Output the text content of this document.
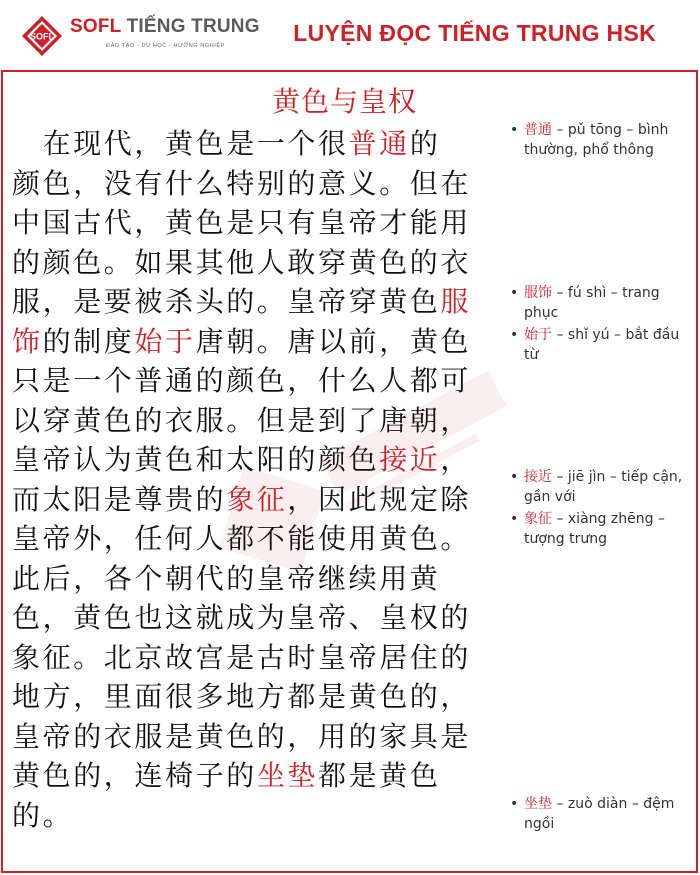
SOFL SOFL TIẾNG TRUNG
ĐÀO TẠO - DU HỌC - HƯỚNG NGHIỆP	LUYỆN ĐỌC TIẾNG TRUNG HSK
黄色与皇权
　在现代，黄色是一个很普通的
颜色，没有什么特别的意义。但在
中国古代，黄色是只有皇帝才能用
的颜色。如果其他人敢穿黄色的衣
服，是要被杀头的。皇帝穿黄色服
饰的制度始于唐朝。唐以前，黄色
只是一个普通的颜色，什么人都可
以穿黄色的衣服。但是到了唐朝，
皇帝认为黄色和太阳的颜色接近，
而太阳是尊贵的象征，因此规定除
皇帝外，任何人都不能使用黄色。
此后，各个朝代的皇帝继续用黄
色，黄色也这就成为皇帝、皇权的
象征。北京故宫是古时皇帝居住的
地方，里面很多地方都是黄色的，
皇帝的衣服是黄色的，用的家具是
黄色的，连椅子的坐垫都是黄色
的。
• 普通 – pǔ tōng – bình thường, phổ thông
• 服饰 – fú shì – trang phục
• 始于 – shǐ yú – bắt đầu từ
• 接近 – jiē jìn – tiếp cận, gần với
• 象征 – xiàng zhēng – tượng trưng
• 坐垫 – zuò diàn – đệm ngồi
